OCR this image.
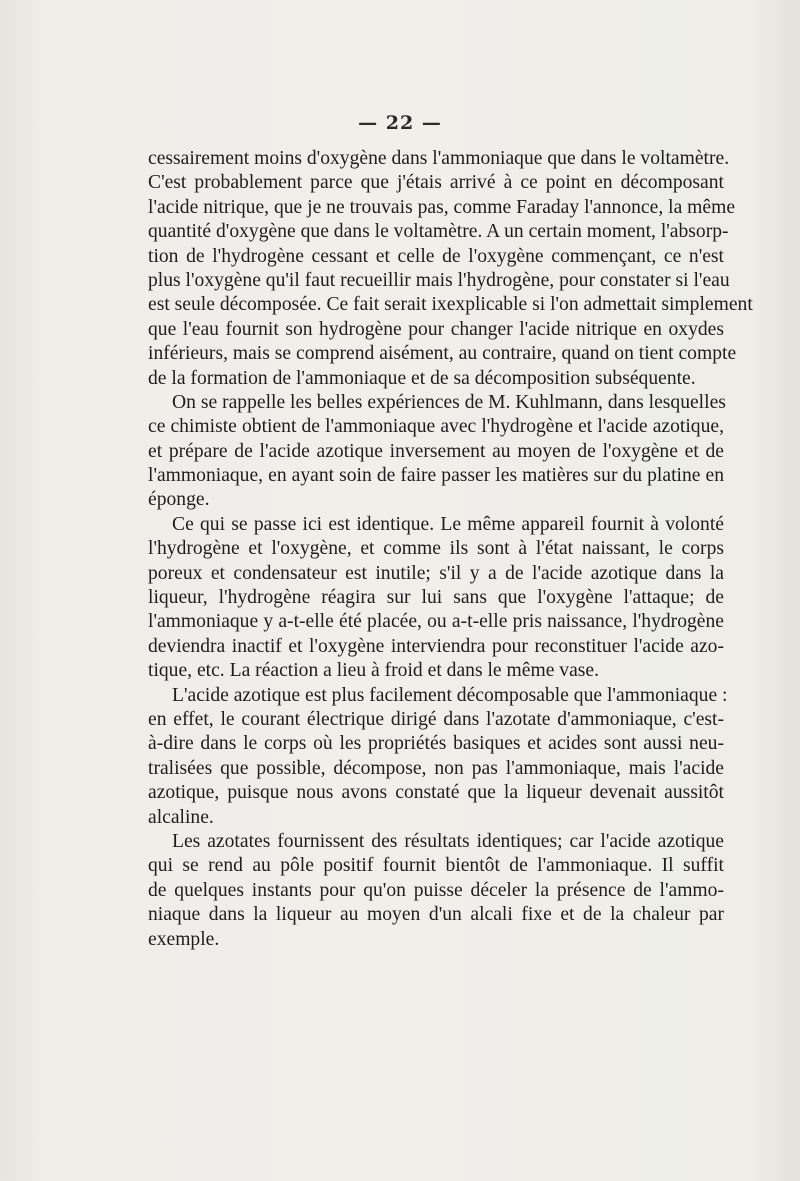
— 22 —
cessairement moins d'oxygène dans l'ammoniaque que dans le voltamètre.
C'est probablement parce que j'étais arrivé à ce point en décomposant
l'acide nitrique, que je ne trouvais pas, comme Faraday l'annonce, la même
quantité d'oxygène que dans le voltamètre. A un certain moment, l'absorp-
tion de l'hydrogène cessant et celle de l'oxygène commençant, ce n'est
plus l'oxygène qu'il faut recueillir mais l'hydrogène, pour constater si l'eau
est seule décomposée. Ce fait serait ixexplicable si l'on admettait simplement
que l'eau fournit son hydrogène pour changer l'acide nitrique en oxydes
inférieurs, mais se comprend aisément, au contraire, quand on tient compte
de la formation de l'ammoniaque et de sa décomposition subséquente.
On se rappelle les belles expériences de M. Kuhlmann, dans lesquelles
ce chimiste obtient de l'ammoniaque avec l'hydrogène et l'acide azotique,
et prépare de l'acide azotique inversement au moyen de l'oxygène et de
l'ammoniaque, en ayant soin de faire passer les matières sur du platine en
éponge.
Ce qui se passe ici est identique. Le même appareil fournit à volonté
l'hydrogène et l'oxygène, et comme ils sont à l'état naissant, le corps
poreux et condensateur est inutile; s'il y a de l'acide azotique dans la
liqueur, l'hydrogène réagira sur lui sans que l'oxygène l'attaque; de
l'ammoniaque y a-t-elle été placée, ou a-t-elle pris naissance, l'hydrogène
deviendra inactif et l'oxygène interviendra pour reconstituer l'acide azo-
tique, etc. La réaction a lieu à froid et dans le même vase.
L'acide azotique est plus facilement décomposable que l'ammoniaque :
en effet, le courant électrique dirigé dans l'azotate d'ammoniaque, c'est-
à-dire dans le corps où les propriétés basiques et acides sont aussi neu-
tralisées que possible, décompose, non pas l'ammoniaque, mais l'acide
azotique, puisque nous avons constaté que la liqueur devenait aussitôt
alcaline.
Les azotates fournissent des résultats identiques; car l'acide azotique
qui se rend au pôle positif fournit bientôt de l'ammoniaque. Il suffit
de quelques instants pour qu'on puisse déceler la présence de l'ammo-
niaque dans la liqueur au moyen d'un alcali fixe et de la chaleur par
exemple.
